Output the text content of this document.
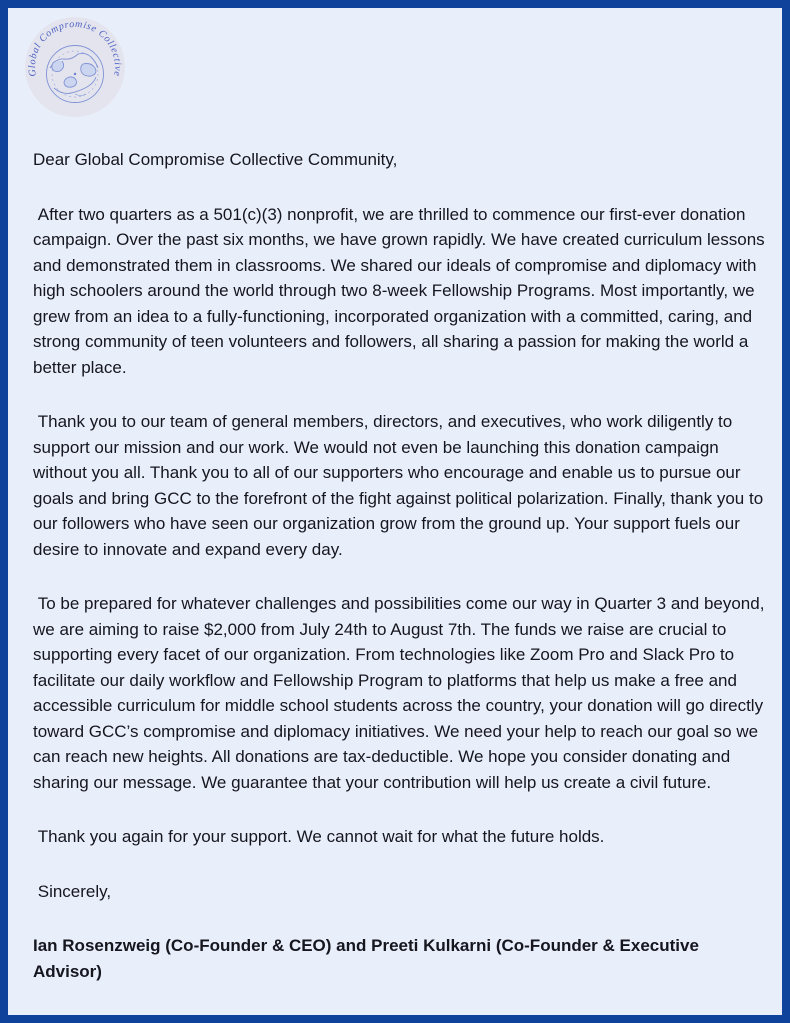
Global Compromise Collective

Dear Global Compromise Collective Community,

After two quarters as a 501(c)(3) nonprofit, we are thrilled to commence our first-ever donation campaign. Over the past six months, we have grown rapidly. We have created curriculum lessons and demonstrated them in classrooms. We shared our ideals of compromise and diplomacy with high schoolers around the world through two 8-week Fellowship Programs. Most importantly, we grew from an idea to a fully-functioning, incorporated organization with a committed, caring, and strong community of teen volunteers and followers, all sharing a passion for making the world a better place.

Thank you to our team of general members, directors, and executives, who work diligently to support our mission and our work. We would not even be launching this donation campaign without you all. Thank you to all of our supporters who encourage and enable us to pursue our goals and bring GCC to the forefront of the fight against political polarization. Finally, thank you to our followers who have seen our organization grow from the ground up. Your support fuels our desire to innovate and expand every day.

To be prepared for whatever challenges and possibilities come our way in Quarter 3 and beyond, we are aiming to raise $2,000 from July 24th to August 7th. The funds we raise are crucial to supporting every facet of our organization. From technologies like Zoom Pro and Slack Pro to facilitate our daily workflow and Fellowship Program to platforms that help us make a free and accessible curriculum for middle school students across the country, your donation will go directly toward GCC’s compromise and diplomacy initiatives. We need your help to reach our goal so we can reach new heights. All donations are tax-deductible. We hope you consider donating and sharing our message. We guarantee that your contribution will help us create a civil future.

Thank you again for your support. We cannot wait for what the future holds.

Sincerely,

Ian Rosenzweig (Co-Founder & CEO) and Preeti Kulkarni (Co-Founder & Executive Advisor)
